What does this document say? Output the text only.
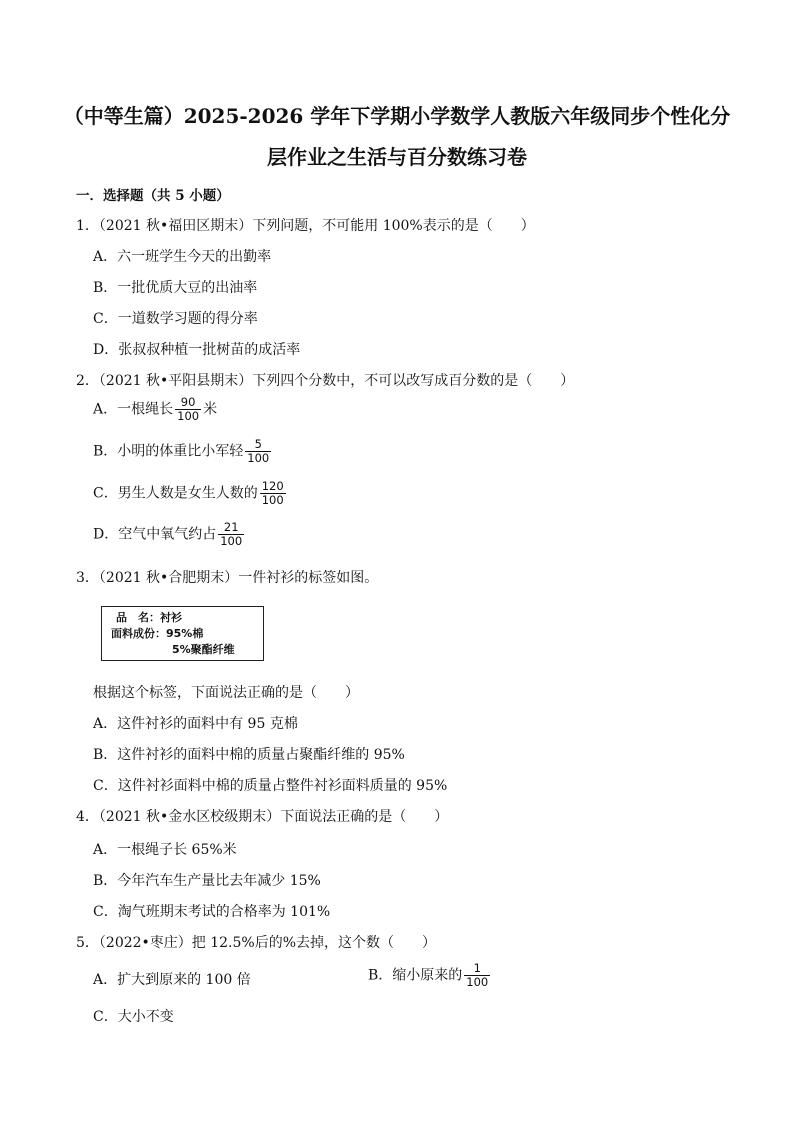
（中等生篇）2025-2026 学年下学期小学数学人教版六年级同步个性化分
层作业之生活与百分数练习卷
一．选择题（共 5 小题）
1．（2021 秋•福田区期末）下列问题，不可能用 100%表示的是（　　）
A．六一班学生今天的出勤率
B．一批优质大豆的出油率
C．一道数学习题的得分率
D．张叔叔种植一批树苗的成活率
2．（2021 秋•平阳县期末）下列四个分数中，不可以改写成百分数的是（　　）
A．一根绳长 $\frac{90}{100}$ 米
B．小明的体重比小军轻 $\frac{5}{100}$
C．男生人数是女生人数的 $\frac{120}{100}$
D．空气中氧气约占 $\frac{21}{100}$
3．（2021 秋•合肥期末）一件衬衫的标签如图。
品　名：衬衫
面料成份：95%棉
5%聚酯纤维
根据这个标签，下面说法正确的是（　　）
A．这件衬衫的面料中有 95 克棉
B．这件衬衫的面料中棉的质量占聚酯纤维的 95%
C．这件衬衫面料中棉的质量占整件衬衫面料质量的 95%
4．（2021 秋•金水区校级期末）下面说法正确的是（　　）
A．一根绳子长 65%米
B．今年汽车生产量比去年减少 15%
C．淘气班期末考试的合格率为 101%
5．（2022•枣庄）把 12.5%后的%去掉，这个数（　　）
A．扩大到原来的 100 倍	B．缩小原来的 $\frac{1}{100}$
C．大小不变
